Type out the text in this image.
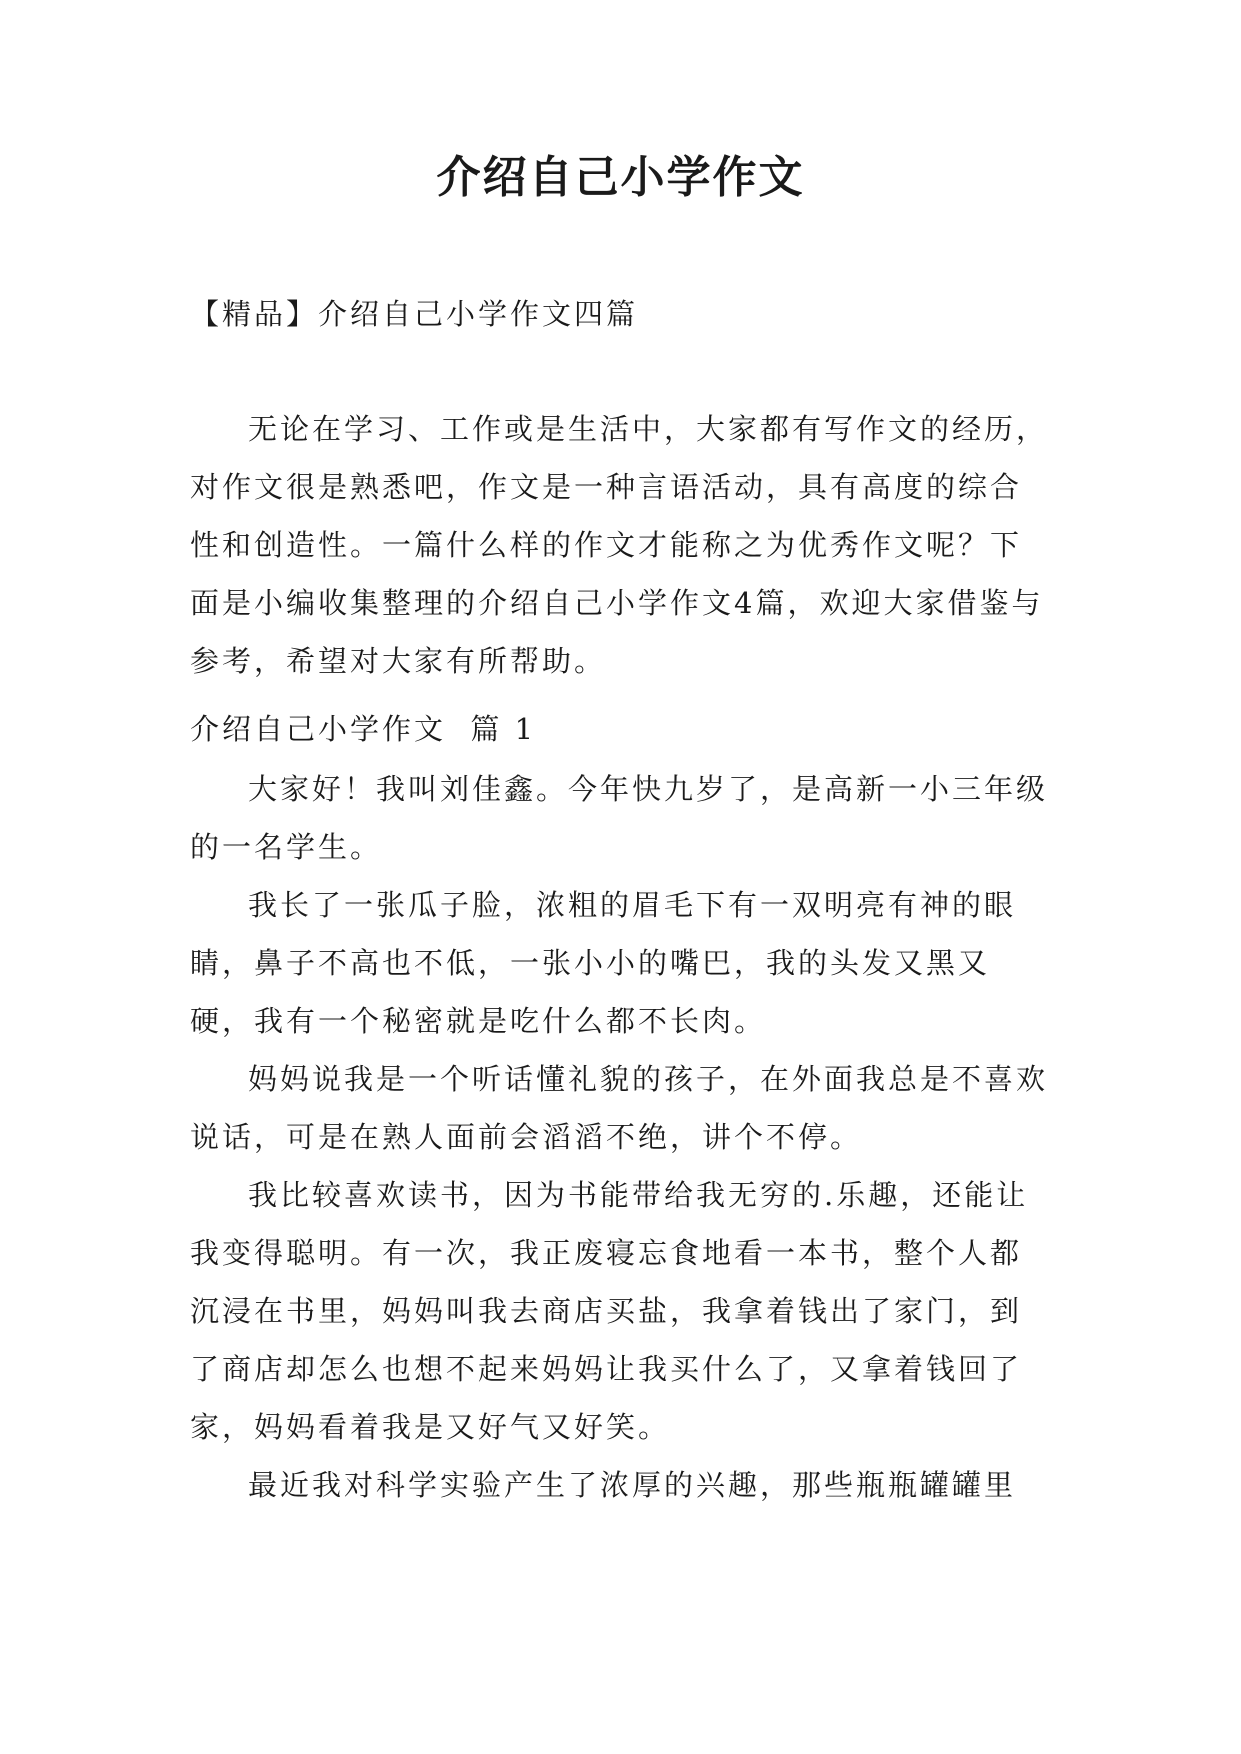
介绍自己小学作文
【精品】介绍自己小学作文四篇

无论在学习、工作或是生活中，大家都有写作文的经历，对作文很是熟悉吧，作文是一种言语活动，具有高度的综合性和创造性。一篇什么样的作文才能称之为优秀作文呢？下面是小编收集整理的介绍自己小学作文4篇，欢迎大家借鉴与参考，希望对大家有所帮助。

介绍自己小学作文  篇 1

大家好！我叫刘佳鑫。今年快九岁了，是高新一小三年级的一名学生。

我长了一张瓜子脸，浓粗的眉毛下有一双明亮有神的眼睛，鼻子不高也不低，一张小小的嘴巴，我的头发又黑又硬，我有一个秘密就是吃什么都不长肉。

妈妈说我是一个听话懂礼貌的孩子，在外面我总是不喜欢说话，可是在熟人面前会滔滔不绝，讲个不停。

我比较喜欢读书，因为书能带给我无穷的.乐趣，还能让我变得聪明。有一次，我正废寝忘食地看一本书，整个人都沉浸在书里，妈妈叫我去商店买盐，我拿着钱出了家门，到了商店却怎么也想不起来妈妈让我买什么了，又拿着钱回了家，妈妈看着我是又好气又好笑。

最近我对科学实验产生了浓厚的兴趣，那些瓶瓶罐罐里
